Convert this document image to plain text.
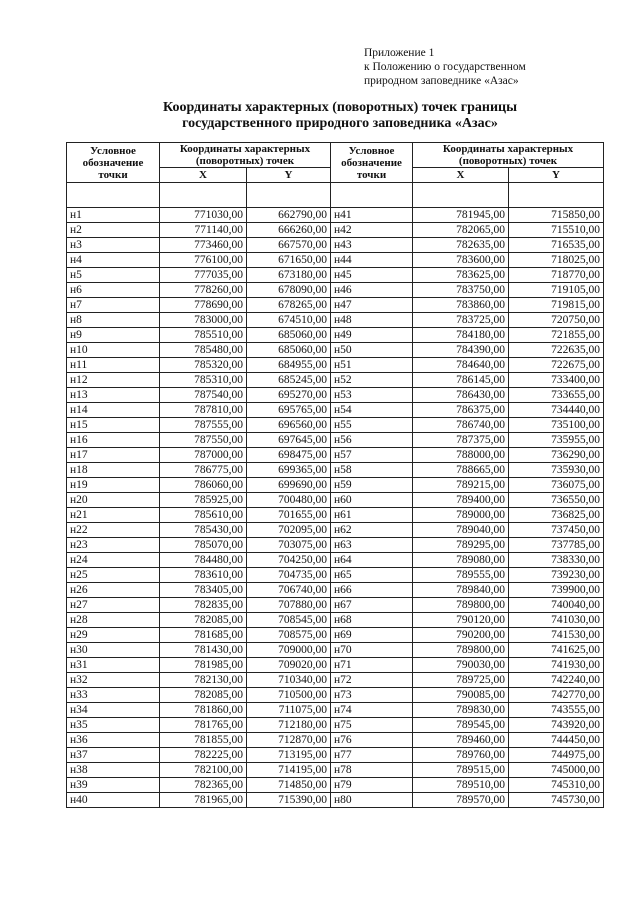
Приложение 1
к Положению о государственном
природном заповеднике «Азас»
Координаты характерных (поворотных) точек границы
государственного природного заповедника «Азас»
Условное обозначение точки	Координаты характерных (поворотных) точек		Условное обозначение точки	Координаты характерных (поворотных) точек	
	X	Y		X	Y

н1	771030,00	662790,00	н41	781945,00	715850,00
н2	771140,00	666260,00	н42	782065,00	715510,00
н3	773460,00	667570,00	н43	782635,00	716535,00
н4	776100,00	671650,00	н44	783600,00	718025,00
н5	777035,00	673180,00	н45	783625,00	718770,00
н6	778260,00	678090,00	н46	783750,00	719105,00
н7	778690,00	678265,00	н47	783860,00	719815,00
н8	783000,00	674510,00	н48	783725,00	720750,00
н9	785510,00	685060,00	н49	784180,00	721855,00
н10	785480,00	685060,00	н50	784390,00	722635,00
н11	785320,00	684955,00	н51	784640,00	722675,00
н12	785310,00	685245,00	н52	786145,00	733400,00
н13	787540,00	695270,00	н53	786430,00	733655,00
н14	787810,00	695765,00	н54	786375,00	734440,00
н15	787555,00	696560,00	н55	786740,00	735100,00
н16	787550,00	697645,00	н56	787375,00	735955,00
н17	787000,00	698475,00	н57	788000,00	736290,00
н18	786775,00	699365,00	н58	788665,00	735930,00
н19	786060,00	699690,00	н59	789215,00	736075,00
н20	785925,00	700480,00	н60	789400,00	736550,00
н21	785610,00	701655,00	н61	789000,00	736825,00
н22	785430,00	702095,00	н62	789040,00	737450,00
н23	785070,00	703075,00	н63	789295,00	737785,00
н24	784480,00	704250,00	н64	789080,00	738330,00
н25	783610,00	704735,00	н65	789555,00	739230,00
н26	783405,00	706740,00	н66	789840,00	739900,00
н27	782835,00	707880,00	н67	789800,00	740040,00
н28	782085,00	708545,00	н68	790120,00	741030,00
н29	781685,00	708575,00	н69	790200,00	741530,00
н30	781430,00	709000,00	н70	789800,00	741625,00
н31	781985,00	709020,00	н71	790030,00	741930,00
н32	782130,00	710340,00	н72	789725,00	742240,00
н33	782085,00	710500,00	н73	790085,00	742770,00
н34	781860,00	711075,00	н74	789830,00	743555,00
н35	781765,00	712180,00	н75	789545,00	743920,00
н36	781855,00	712870,00	н76	789460,00	744450,00
н37	782225,00	713195,00	н77	789760,00	744975,00
н38	782100,00	714195,00	н78	789515,00	745000,00
н39	782365,00	714850,00	н79	789510,00	745310,00
н40	781965,00	715390,00	н80	789570,00	745730,00
